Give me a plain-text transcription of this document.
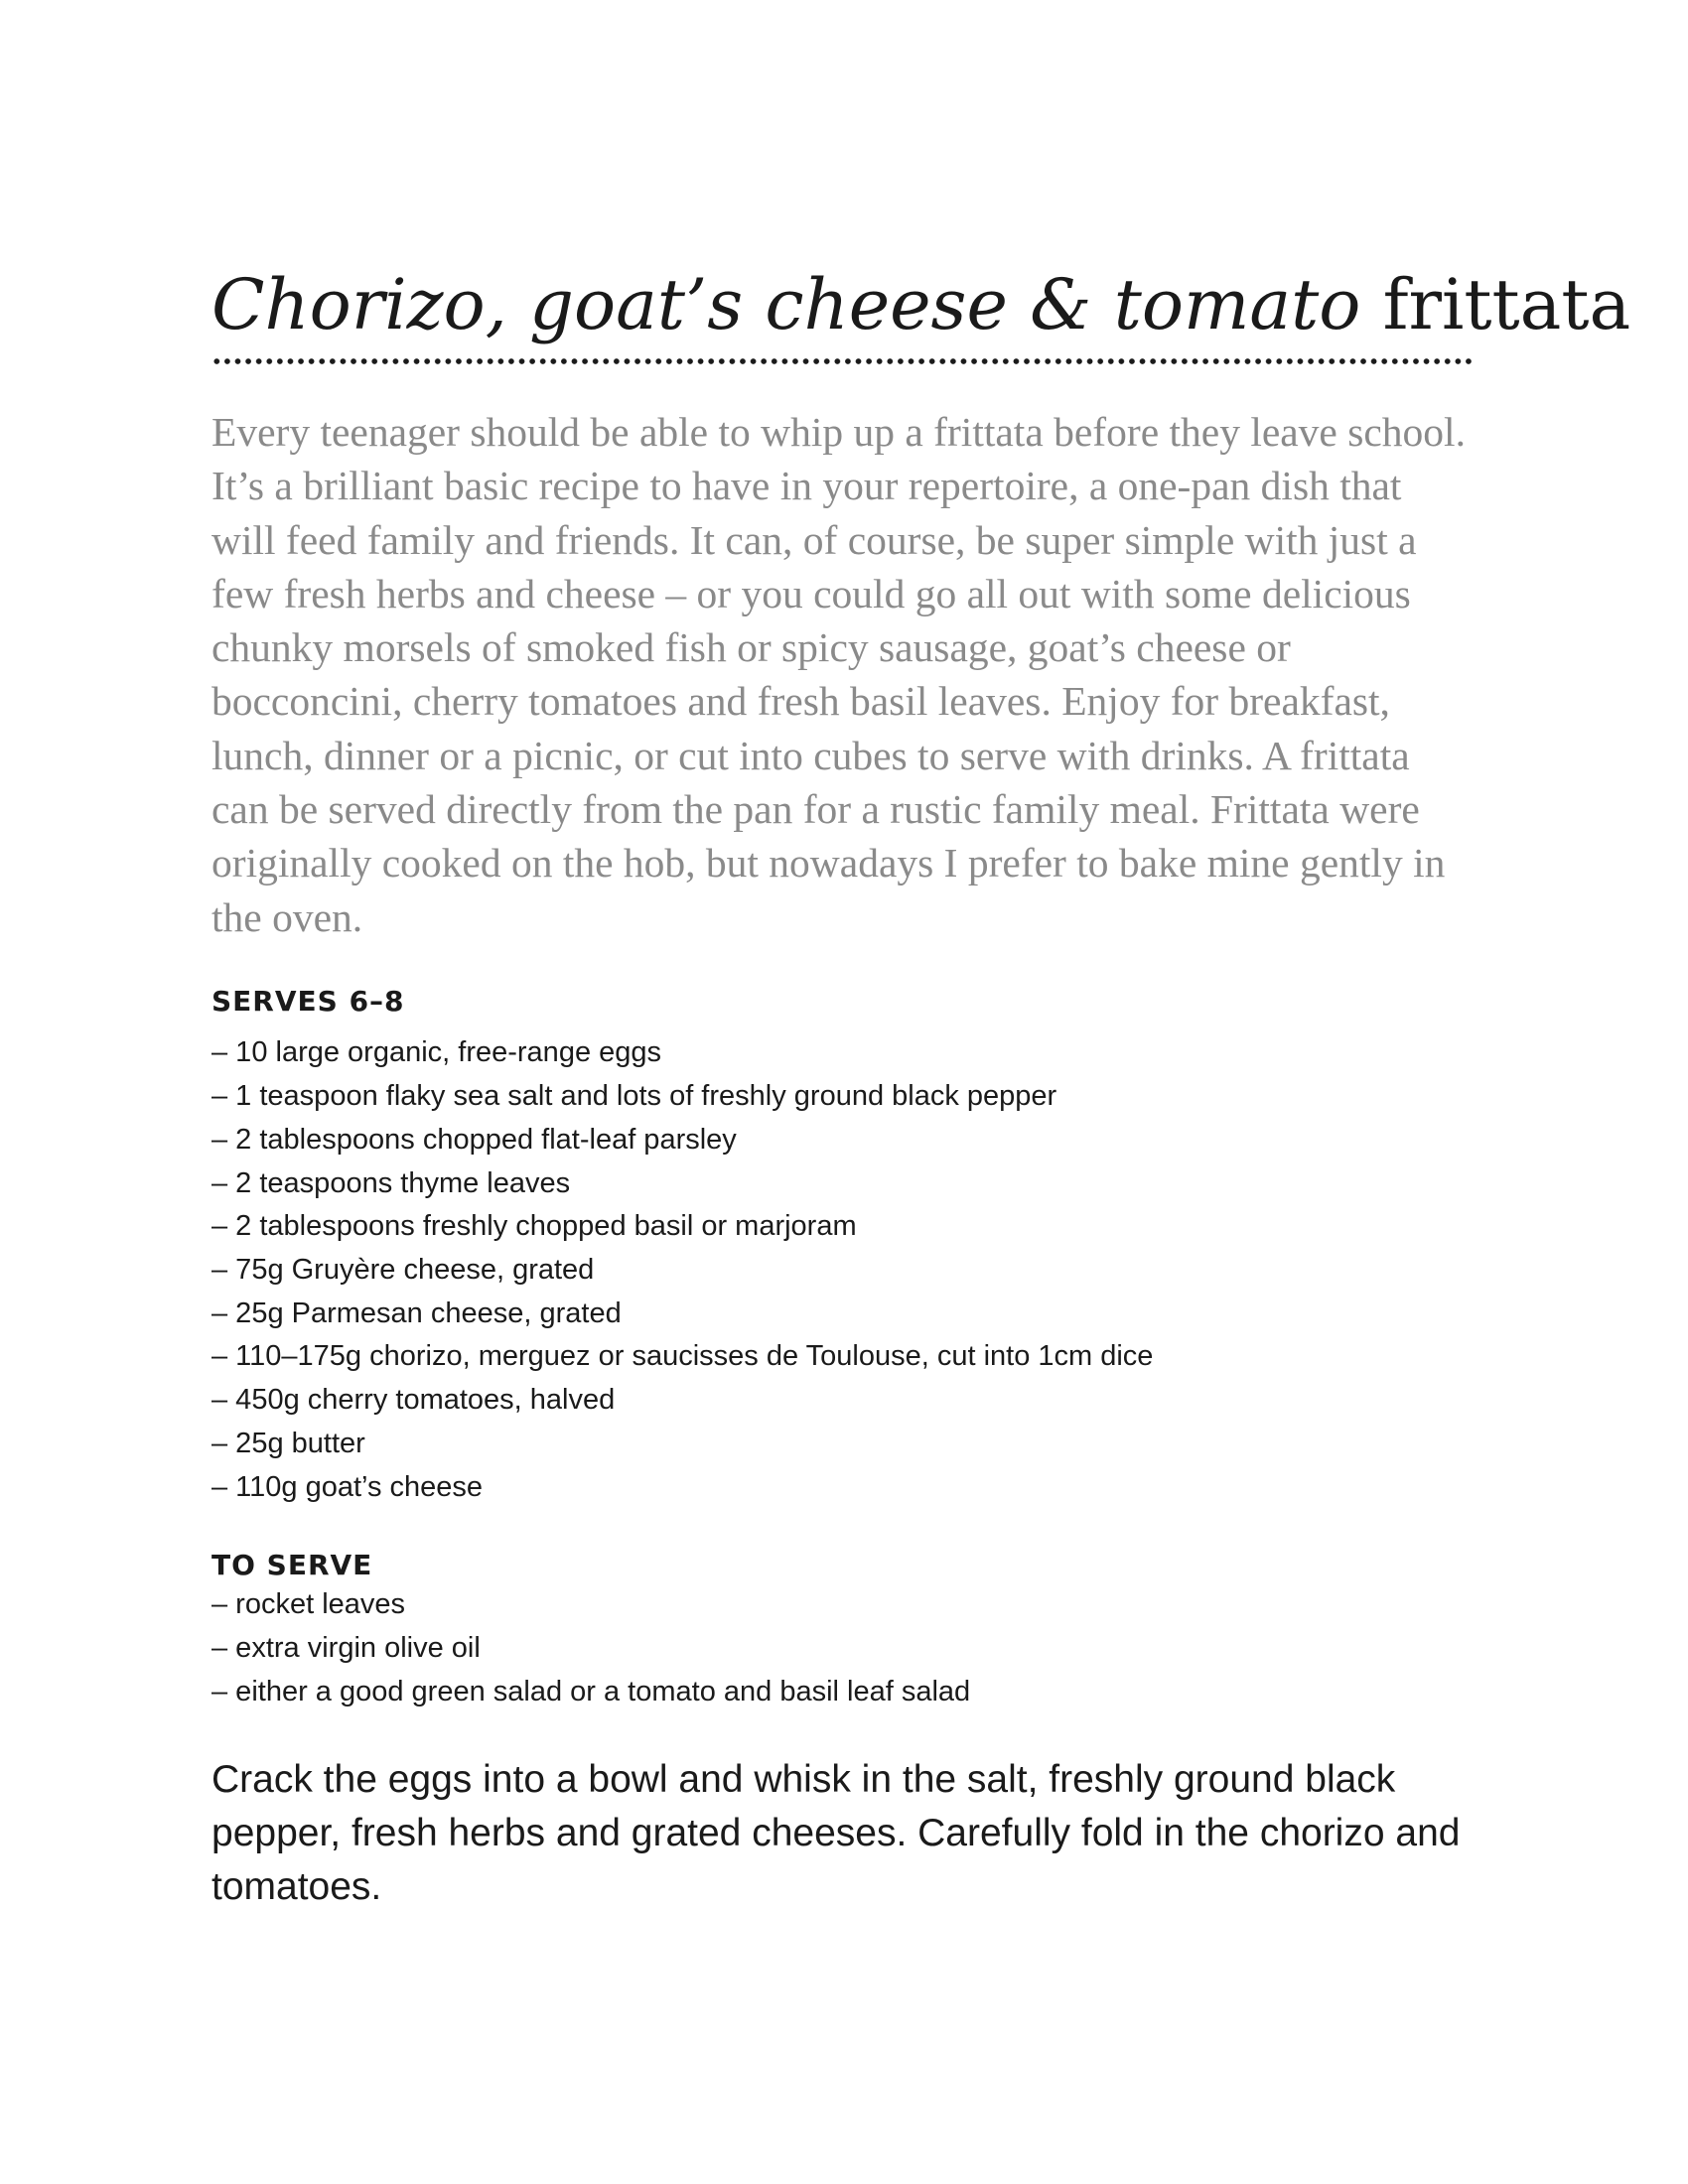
Chorizo, goat’s cheese & tomato frittata

Every teenager should be able to whip up a frittata before they leave school. It’s a brilliant basic recipe to have in your repertoire, a one-pan dish that will feed family and friends. It can, of course, be super simple with just a few fresh herbs and cheese – or you could go all out with some delicious chunky morsels of smoked fish or spicy sausage, goat’s cheese or bocconcini, cherry tomatoes and fresh basil leaves. Enjoy for breakfast, lunch, dinner or a picnic, or cut into cubes to serve with drinks. A frittata can be served directly from the pan for a rustic family meal. Frittata were originally cooked on the hob, but nowadays I prefer to bake mine gently in the oven.

SERVES 6–8
– 10 large organic, free-range eggs
– 1 teaspoon flaky sea salt and lots of freshly ground black pepper
– 2 tablespoons chopped flat-leaf parsley
– 2 teaspoons thyme leaves
– 2 tablespoons freshly chopped basil or marjoram
– 75g Gruyère cheese, grated
– 25g Parmesan cheese, grated
– 110–175g chorizo, merguez or saucisses de Toulouse, cut into 1cm dice
– 450g cherry tomatoes, halved
– 25g butter
– 110g goat’s cheese
TO SERVE
– rocket leaves
– extra virgin olive oil
– either a good green salad or a tomato and basil leaf salad

Crack the eggs into a bowl and whisk in the salt, freshly ground black pepper, fresh herbs and grated cheeses. Carefully fold in the chorizo and tomatoes.
